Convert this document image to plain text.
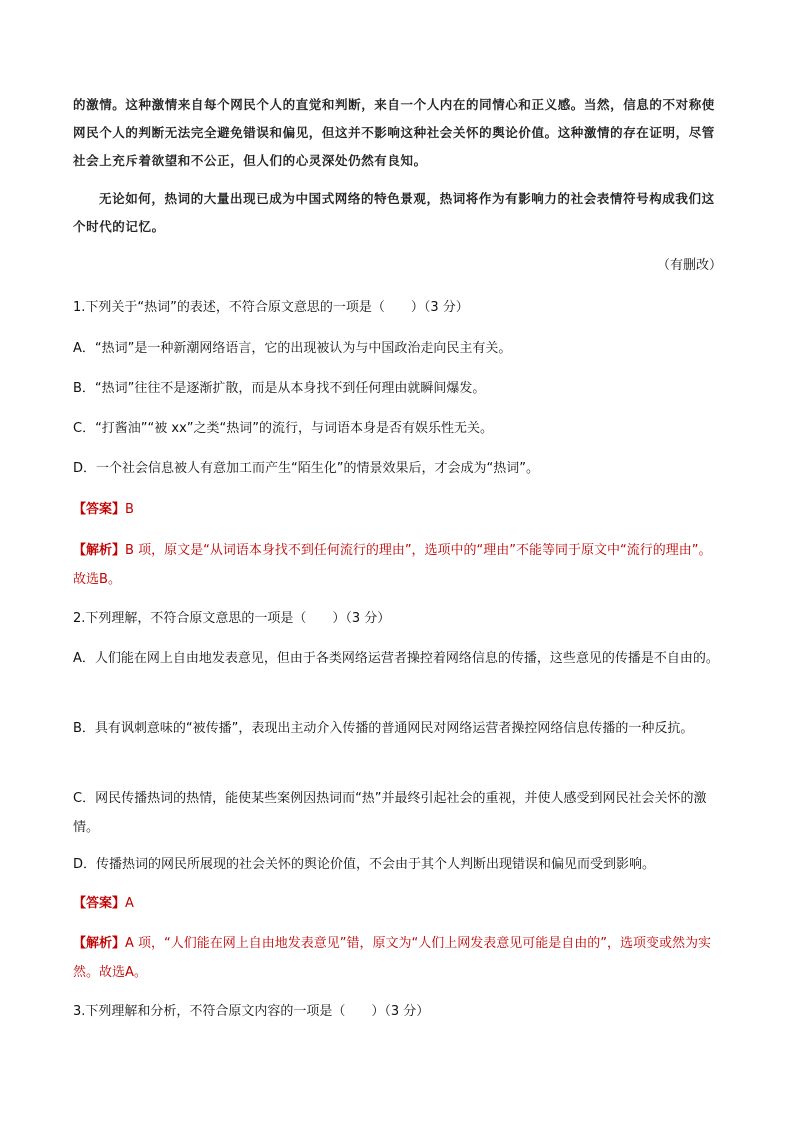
的激情。这种激情来自每个网民个人的直觉和判断，来自一个人内在的同情心和正义感。当然，信息的不对称使网民个人的判断无法完全避免错误和偏见，但这并不影响这种社会关怀的舆论价值。这种激情的存在证明，尽管社会上充斥着欲望和不公正，但人们的心灵深处仍然有良知。

无论如何，热词的大量出现已成为中国式网络的特色景观，热词将作为有影响力的社会表情符号构成我们这个时代的记忆。

（有删改）

1.下列关于“热词”的表述，不符合原文意思的一项是（　　）（3 分）

A．“热词”是一种新潮网络语言，它的出现被认为与中国政治走向民主有关。

B．“热词”往往不是逐渐扩散，而是从本身找不到任何理由就瞬间爆发。

C．“打酱油”“被 xx”之类“热词”的流行，与词语本身是否有娱乐性无关。

D．一个社会信息被人有意加工而产生“陌生化”的情景效果后，才会成为“热词”。

【答案】B

【解析】B 项，原文是“从词语本身找不到任何流行的理由”，选项中的“理由”不能等同于原文中“流行的理由”。故选B。

2.下列理解，不符合原文意思的一项是（　　）（3 分）

A．人们能在网上自由地发表意见，但由于各类网络运营者操控着网络信息的传播，这些意见的传播是不自由的。

B．具有讽刺意味的“被传播”，表现出主动介入传播的普通网民对网络运营者操控网络信息传播的一种反抗。

C．网民传播热词的热情，能使某些案例因热词而“热”并最终引起社会的重视，并使人感受到网民社会关怀的激情。

D．传播热词的网民所展现的社会关怀的舆论价值，不会由于其个人判断出现错误和偏见而受到影响。

【答案】A

【解析】A 项，“人们能在网上自由地发表意见”错，原文为“人们上网发表意见可能是自由的”，选项变或然为实然。故选A。

3.下列理解和分析，不符合原文内容的一项是（　　）（3 分）
